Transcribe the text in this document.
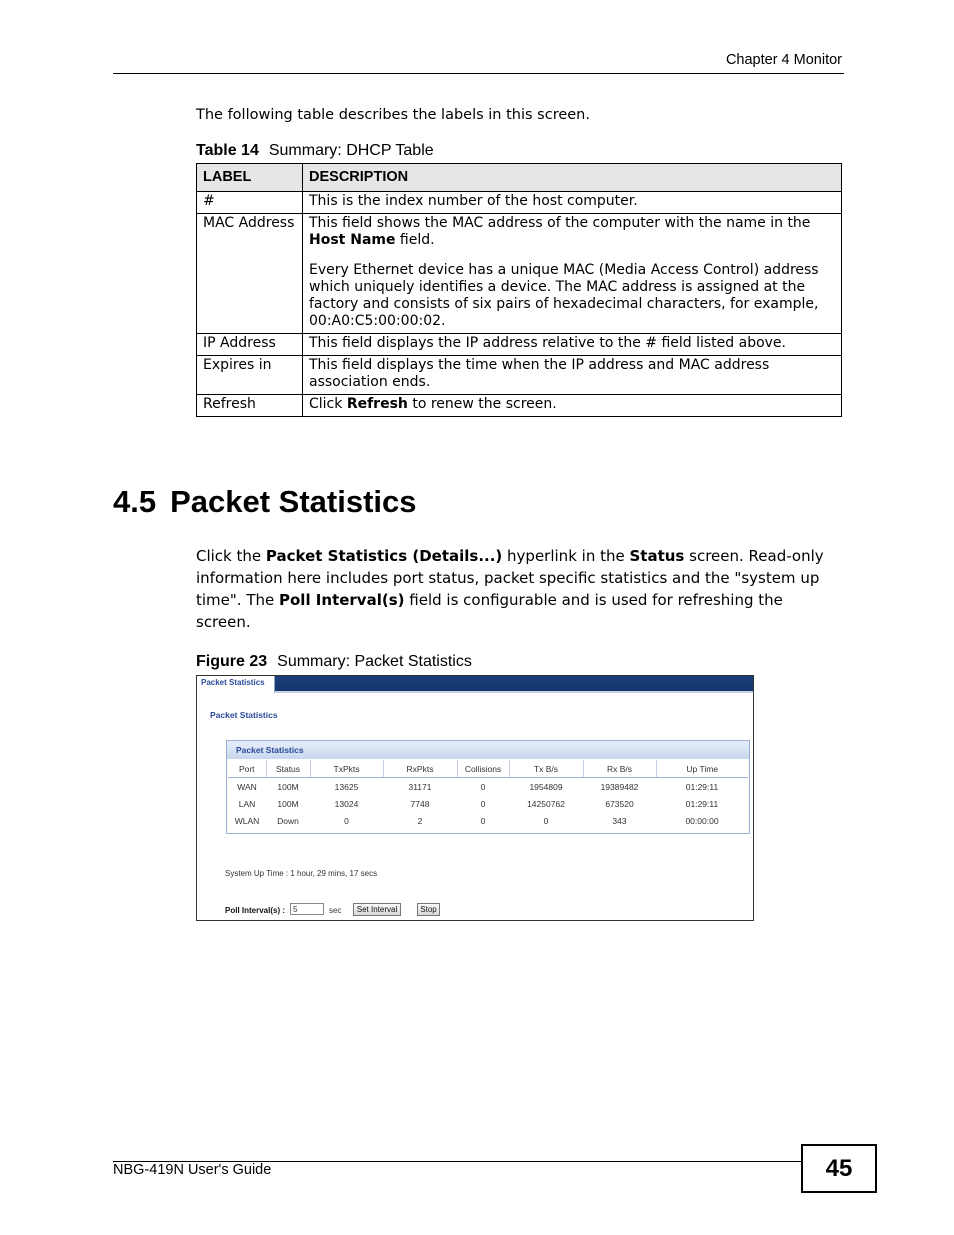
Chapter 4 Monitor
The following table describes the labels in this screen.
Table 14 Summary: DHCP Table
LABEL	DESCRIPTION
#	This is the index number of the host computer.
MAC Address	This field shows the MAC address of the computer with the name in the Host Name field.

Every Ethernet device has a unique MAC (Media Access Control) address which uniquely identifies a device. The MAC address is assigned at the factory and consists of six pairs of hexadecimal characters, for example, 00:A0:C5:00:00:02.

IP Address	This field displays the IP address relative to the # field listed above.
Expires in	This field displays the time when the IP address and MAC address association ends.
Refresh	Click Refresh to renew the screen.
4.5 Packet Statistics
Click the Packet Statistics (Details...) hyperlink in the Status screen. Read-only information here includes port status, packet specific statistics and the "system up time". The Poll Interval(s) field is configurable and is used for refreshing the screen.
Figure 23 Summary: Packet Statistics
Packet Statistics
Packet Statistics
Packet Statistics
Port	Status	TxPkts	RxPkts	Collisions	Tx B/s	Rx B/s	Up Time
WAN	100M	13625	31171	0	1954809	19389482	01:29:11
LAN	100M	13024	7748	0	14250762	673520	01:29:11
WLAN	Down	0	2	0	0	343	00:00:00
System Up Time : 1 hour, 29 mins, 17 secs
Poll Interval(s) : 5	sec	Set Interval	Stop
NBG-419N User's Guide	45
